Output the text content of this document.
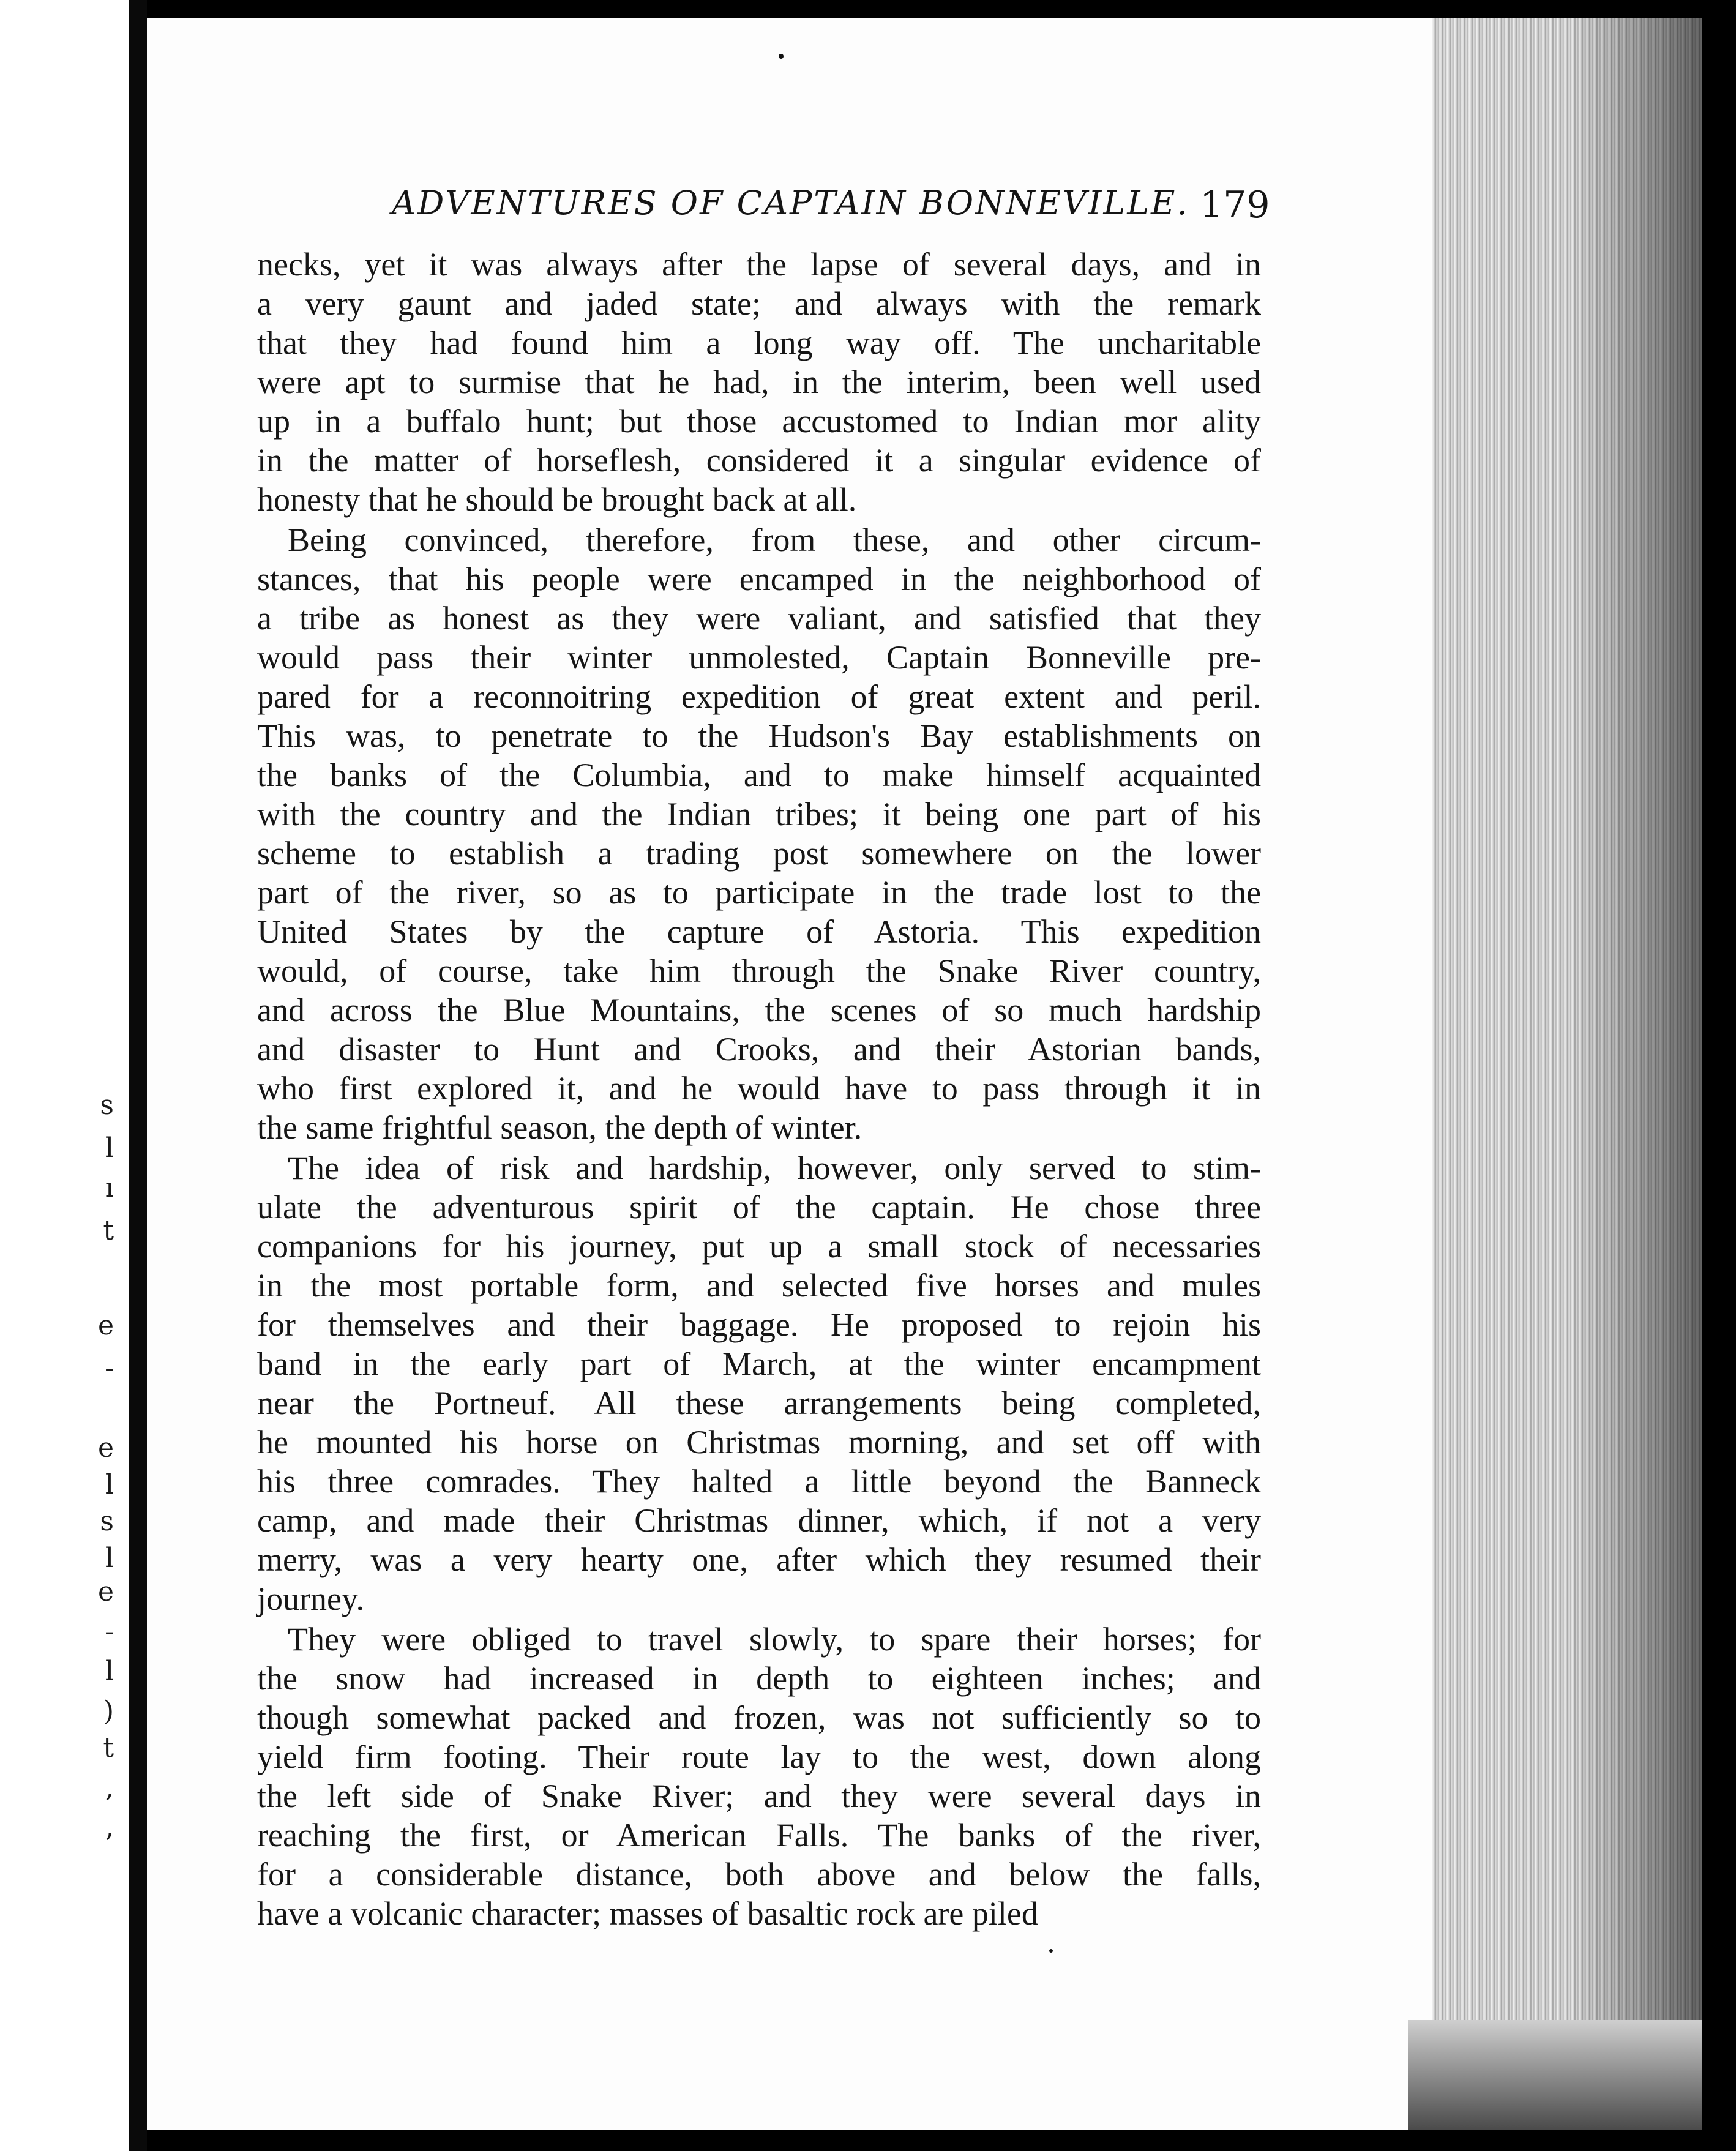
s
l
ı
t
e
-
e
l
s
l
e
-
l
)
t
,
,
ADVENTURES OF CAPTAIN BONNEVILLE. 179
necks, yet it was always after the lapse of several days, and in
a very gaunt and jaded state; and always with the remark
that they had found him a long way off. The uncharitable
were apt to surmise that he had, in the interim, been well used
up in a buffalo hunt; but those accustomed to Indian mor ality
in the matter of horseflesh, considered it a singular evidence of
honesty that he should be brought back at all.
Being convinced, therefore, from these, and other circum-
stances, that his people were encamped in the neighborhood of
a tribe as honest as they were valiant, and satisfied that they
would pass their winter unmolested, Captain Bonneville pre-
pared for a reconnoitring expedition of great extent and peril.
This was, to penetrate to the Hudson's Bay establishments on
the banks of the Columbia, and to make himself acquainted
with the country and the Indian tribes; it being one part of his
scheme to establish a trading post somewhere on the lower
part of the river, so as to participate in the trade lost to the
United States by the capture of Astoria. This expedition
would, of course, take him through the Snake River country,
and across the Blue Mountains, the scenes of so much hardship
and disaster to Hunt and Crooks, and their Astorian bands,
who first explored it, and he would have to pass through it in
the same frightful season, the depth of winter.
The idea of risk and hardship, however, only served to stim-
ulate the adventurous spirit of the captain. He chose three
companions for his journey, put up a small stock of necessaries
in the most portable form, and selected five horses and mules
for themselves and their baggage. He proposed to rejoin his
band in the early part of March, at the winter encampment
near the Portneuf. All these arrangements being completed,
he mounted his horse on Christmas morning, and set off with
his three comrades. They halted a little beyond the Banneck
camp, and made their Christmas dinner, which, if not a very
merry, was a very hearty one, after which they resumed their
journey.
They were obliged to travel slowly, to spare their horses; for
the snow had increased in depth to eighteen inches; and
though somewhat packed and frozen, was not sufficiently so to
yield firm footing. Their route lay to the west, down along
the left side of Snake River; and they were several days in
reaching the first, or American Falls. The banks of the river,
for a considerable distance, both above and below the falls,
have a volcanic character; masses of basaltic rock are piled
